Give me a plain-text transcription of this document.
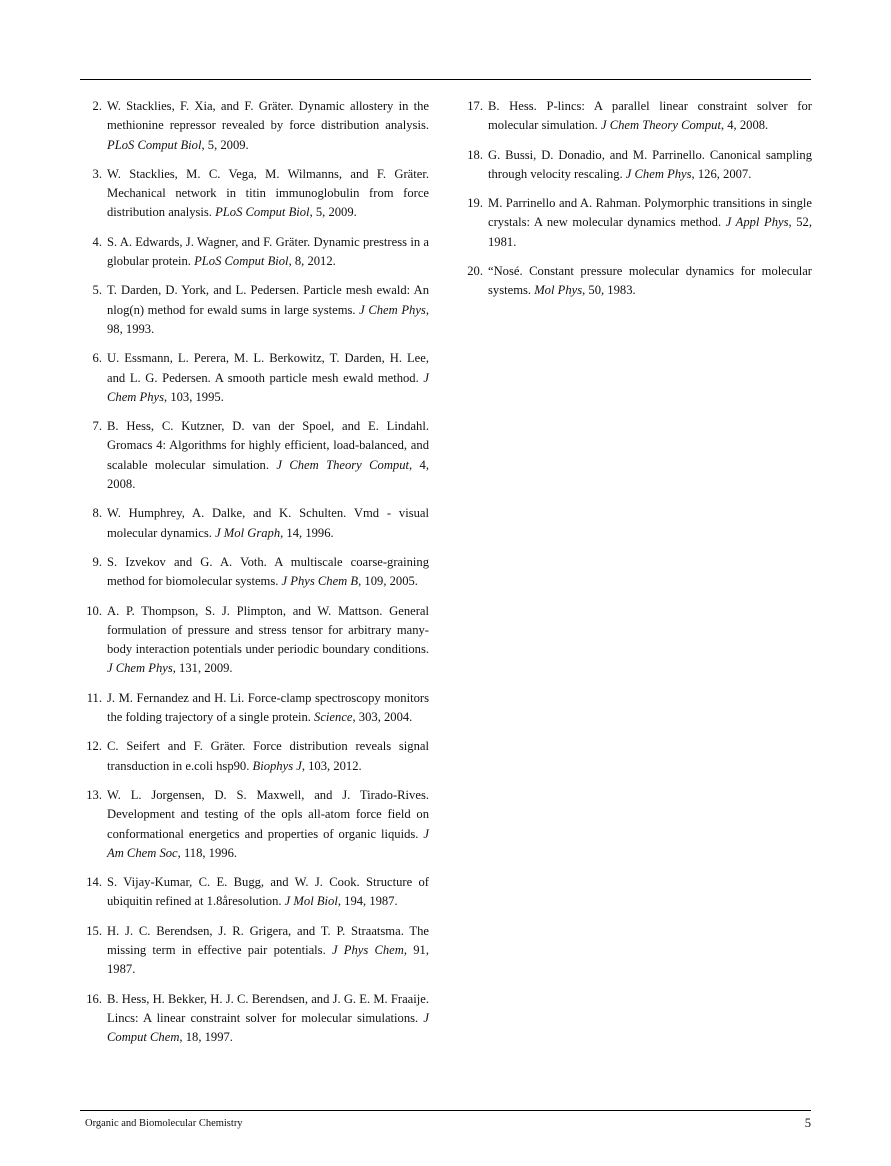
2. W. Stacklies, F. Xia, and F. Gräter. Dynamic allostery in the methionine repressor revealed by force distribution analysis. PLoS Comput Biol, 5, 2009.
3. W. Stacklies, M. C. Vega, M. Wilmanns, and F. Gräter. Mechanical network in titin immunoglobulin from force distribution analysis. PLoS Comput Biol, 5, 2009.
4. S. A. Edwards, J. Wagner, and F. Gräter. Dynamic prestress in a globular protein. PLoS Comput Biol, 8, 2012.
5. T. Darden, D. York, and L. Pedersen. Particle mesh ewald: An nlog(n) method for ewald sums in large systems. J Chem Phys, 98, 1993.
6. U. Essmann, L. Perera, M. L. Berkowitz, T. Darden, H. Lee, and L. G. Pedersen. A smooth particle mesh ewald method. J Chem Phys, 103, 1995.
7. B. Hess, C. Kutzner, D. van der Spoel, and E. Lindahl. Gromacs 4: Algorithms for highly efficient, load-balanced, and scalable molecular simulation. J Chem Theory Comput, 4, 2008.
8. W. Humphrey, A. Dalke, and K. Schulten. Vmd - visual molecular dynamics. J Mol Graph, 14, 1996.
9. S. Izvekov and G. A. Voth. A multiscale coarse-graining method for biomolecular systems. J Phys Chem B, 109, 2005.
10. A. P. Thompson, S. J. Plimpton, and W. Mattson. General formulation of pressure and stress tensor for arbitrary many-body interaction potentials under periodic boundary conditions. J Chem Phys, 131, 2009.
11. J. M. Fernandez and H. Li. Force-clamp spectroscopy monitors the folding trajectory of a single protein. Science, 303, 2004.
12. C. Seifert and F. Gräter. Force distribution reveals signal transduction in e.coli hsp90. Biophys J, 103, 2012.
13. W. L. Jorgensen, D. S. Maxwell, and J. Tirado-Rives. Development and testing of the opls all-atom force field on conformational energetics and properties of organic liquids. J Am Chem Soc, 118, 1996.
14. S. Vijay-Kumar, C. E. Bugg, and W. J. Cook. Structure of ubiquitin refined at 1.8åresolution. J Mol Biol, 194, 1987.
15. H. J. C. Berendsen, J. R. Grigera, and T. P. Straatsma. The missing term in effective pair potentials. J Phys Chem, 91, 1987.
16. B. Hess, H. Bekker, H. J. C. Berendsen, and J. G. E. M. Fraaije. Lincs: A linear constraint solver for molecular simulations. J Comput Chem, 18, 1997.
17. B. Hess. P-lincs: A parallel linear constraint solver for molecular simulation. J Chem Theory Comput, 4, 2008.
18. G. Bussi, D. Donadio, and M. Parrinello. Canonical sampling through velocity rescaling. J Chem Phys, 126, 2007.
19. M. Parrinello and A. Rahman. Polymorphic transitions in single crystals: A new molecular dynamics method. J Appl Phys, 52, 1981.
20. “Nosé. Constant pressure molecular dynamics for molecular systems. Mol Phys, 50, 1983.
Organic and Biomolecular Chemistry	5
